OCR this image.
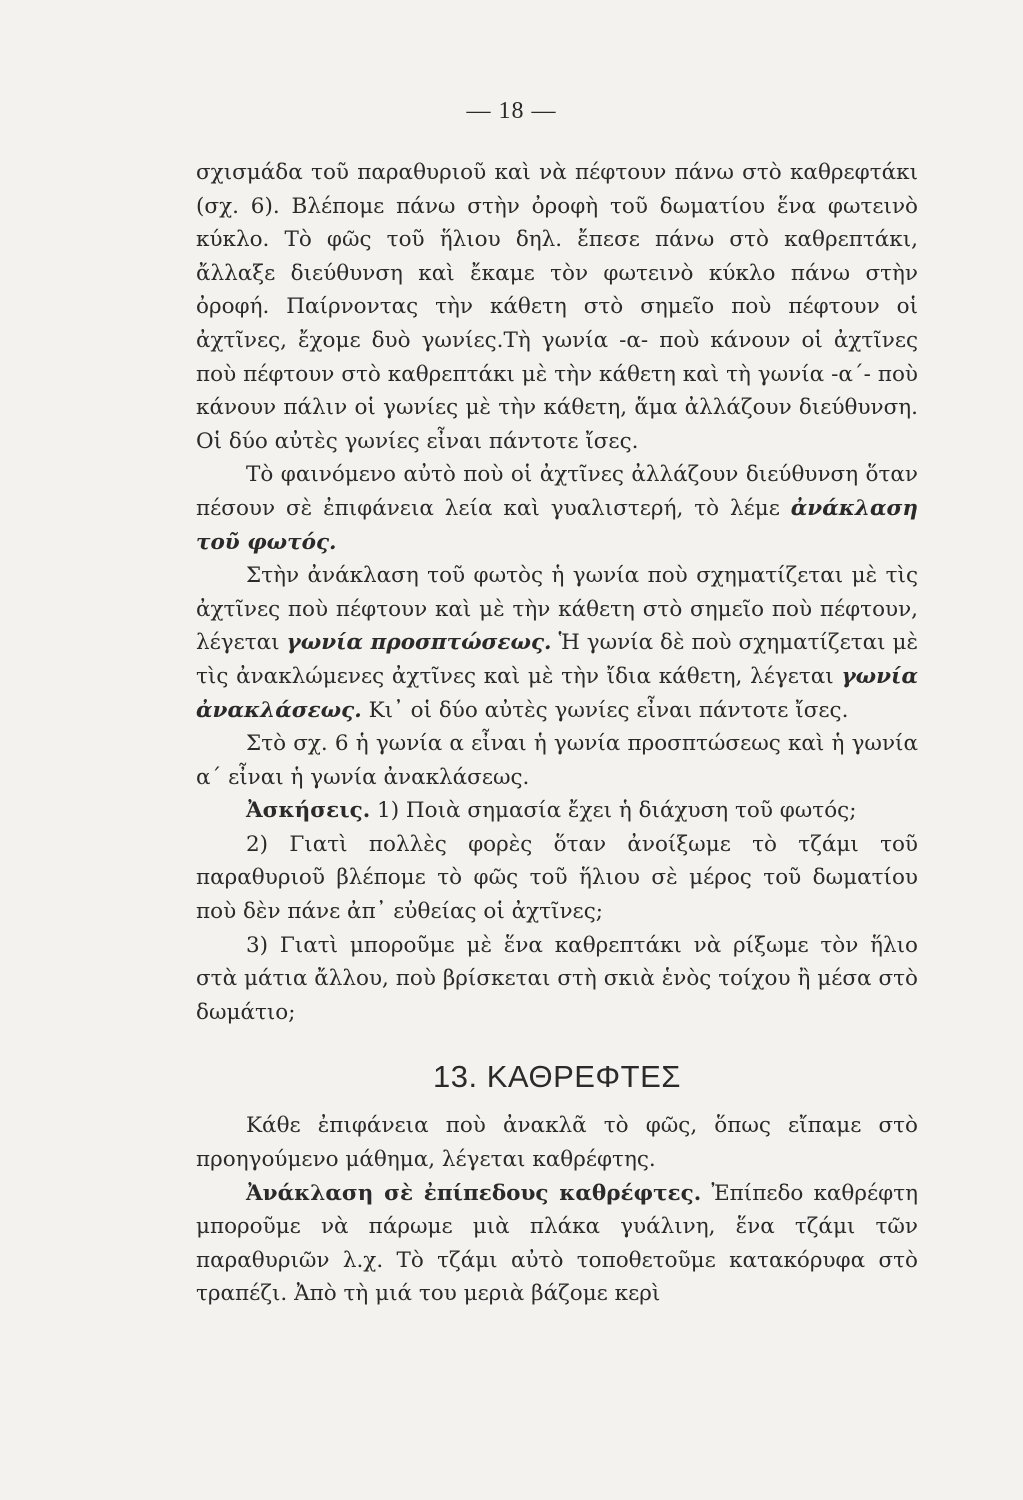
— 18 —

σχισμάδα τοῦ παραθυριοῦ καὶ νὰ πέφτουν πάνω στὸ καθρεφτάκι (σχ. 6). Βλέπομε πάνω στὴν ὀροφὴ τοῦ δωματίου ἕνα φωτεινὸ κύκλο. Τὸ φῶς τοῦ ἥλιου δηλ. ἔπεσε πάνω στὸ καθρεπτάκι, ἄλλαξε διεύθυνση καὶ ἔκαμε τὸν φωτεινὸ κύκλο πάνω στὴν ὀροφή. Παίρνοντας τὴν κάθετη στὸ σημεῖο ποὺ πέφτουν οἱ ἀχτῖνες, ἔχομε δυὸ γωνίες.Τὴ γωνία -α- ποὺ κάνουν οἱ ἀχτῖνες ποὺ πέφτουν στὸ καθρεπτάκι μὲ τὴν κάθετη καὶ τὴ γωνία -α΄- ποὺ κάνουν πάλιν οἱ γωνίες μὲ τὴν κάθετη, ἅμα ἀλλάζουν διεύθυνση. Οἱ δύο αὐτὲς γωνίες εἶναι πάντοτε ἴσες.

Τὸ φαινόμενο αὐτὸ ποὺ οἱ ἀχτῖνες ἀλλάζουν διεύθυνση ὅταν πέσουν σὲ ἐπιφάνεια λεία καὶ γυαλιστερή, τὸ λέμε ἀνάκλαση τοῦ φωτός.

Στὴν ἀνάκλαση τοῦ φωτὸς ἡ γωνία ποὺ σχηματίζεται μὲ τὶς ἀχτῖνες ποὺ πέφτουν καὶ μὲ τὴν κάθετη στὸ σημεῖο ποὺ πέφτουν, λέγεται γωνία προσπτώσεως. Ἡ γωνία δὲ ποὺ σχηματίζεται μὲ τὶς ἀνακλώμενες ἀχτῖνες καὶ μὲ τὴν ἴδια κάθετη, λέγεται γωνία ἀνακλάσεως. Κι᾿ οἱ δύο αὐτὲς γωνίες εἶναι πάντοτε ἴσες.

Στὸ σχ. 6 ἡ γωνία α εἶναι ἡ γωνία προσπτώσεως καὶ ἡ γωνία α΄ εἶναι ἡ γωνία ἀνακλάσεως.

Ἀσκήσεις. 1) Ποιὰ σημασία ἔχει ἡ διάχυση τοῦ φωτός;

2) Γιατὶ πολλὲς φορὲς ὅταν ἀνοίξωμε τὸ τζάμι τοῦ παραθυριοῦ βλέπομε τὸ φῶς τοῦ ἥλιου σὲ μέρος τοῦ δωματίου ποὺ δὲν πάνε ἀπ᾿ εὐθείας οἱ ἀχτῖνες;

3) Γιατὶ μποροῦμε μὲ ἕνα καθρεπτάκι νὰ ρίξωμε τὸν ἥλιο στὰ μάτια ἄλλου, ποὺ βρίσκεται στὴ σκιὰ ἑνὸς τοίχου ἢ μέσα στὸ δωμάτιο;

13. ΚΑΘΡΕΦΤΕΣ

Κάθε ἐπιφάνεια ποὺ ἀνακλᾶ τὸ φῶς, ὅπως εἴπαμε στὸ προηγούμενο μάθημα, λέγεται καθρέφτης.

Ἀνάκλαση σὲ ἐπίπεδους καθρέφτες. Ἐπίπεδο καθρέφτη μποροῦμε νὰ πάρωμε μιὰ πλάκα γυάλινη, ἕνα τζάμι τῶν παραθυριῶν λ.χ. Τὸ τζάμι αὐτὸ τοποθετοῦμε κατακόρυφα στὸ τραπέζι. Ἀπὸ τὴ μιά του μεριὰ βάζομε κερὶ
